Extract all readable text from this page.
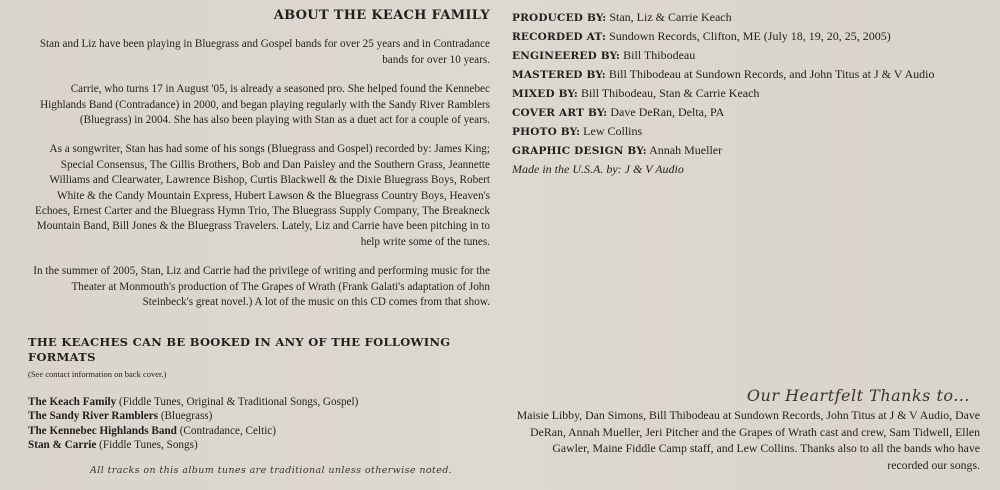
ABOUT THE KEACH FAMILY

Stan and Liz have been playing in Bluegrass and Gospel bands for over 25 years and in Contradance bands for over 10 years.

Carrie, who turns 17 in August '05, is already a seasoned pro. She helped found the Kennebec Highlands Band (Contradance) in 2000, and began playing regularly with the Sandy River Ramblers (Bluegrass) in 2004. She has also been playing with Stan as a duet act for a couple of years.

As a songwriter, Stan has had some of his songs (Bluegrass and Gospel) recorded by: James King; Special Consensus, The Gillis Brothers, Bob and Dan Paisley and the Southern Grass, Jeannette Williams and Clearwater, Lawrence Bishop, Curtis Blackwell & the Dixie Bluegrass Boys, Robert White & the Candy Mountain Express, Hubert Lawson & the Bluegrass Country Boys, Heaven's Echoes, Ernest Carter and the Bluegrass Hymn Trio, The Bluegrass Supply Company, The Breakneck Mountain Band, Bill Jones & the Bluegrass Travelers. Lately, Liz and Carrie have been pitching in to help write some of the tunes.

In the summer of 2005, Stan, Liz and Carrie had the privilege of writing and performing music for the Theater at Monmouth's production of The Grapes of Wrath (Frank Galati's adaptation of John Steinbeck's great novel.) A lot of the music on this CD comes from that show.

THE KEACHES CAN BE BOOKED IN ANY OF THE FOLLOWING FORMATS
(See contact information on back cover.)

The Keach Family (Fiddle Tunes, Original & Traditional Songs, Gospel)

The Sandy River Ramblers (Bluegrass)

The Kennebec Highlands Band (Contradance, Celtic)

Stan & Carrie (Fiddle Tunes, Songs)

All tracks on this album tunes are traditional unless otherwise noted.

PRODUCED BY: Stan, Liz & Carrie Keach

RECORDED AT: Sundown Records, Clifton, ME (July 18, 19, 20, 25, 2005)

ENGINEERED BY: Bill Thibodeau

MASTERED BY: Bill Thibodeau at Sundown Records, and John Titus at J & V Audio

MIXED BY: Bill Thibodeau, Stan & Carrie Keach

COVER ART BY: Dave DeRan, Delta, PA

PHOTO BY: Lew Collins

GRAPHIC DESIGN BY: Annah Mueller

Made in the U.S.A. by: J & V Audio

Our Heartfelt Thanks to...

Maisie Libby, Dan Simons, Bill Thibodeau at Sundown Records, John Titus at J & V Audio, Dave DeRan, Annah Mueller, Jeri Pitcher and the Grapes of Wrath cast and crew, Sam Tidwell, Ellen Gawler, Maine Fiddle Camp staff, and Lew Collins. Thanks also to all the bands who have recorded our songs.
